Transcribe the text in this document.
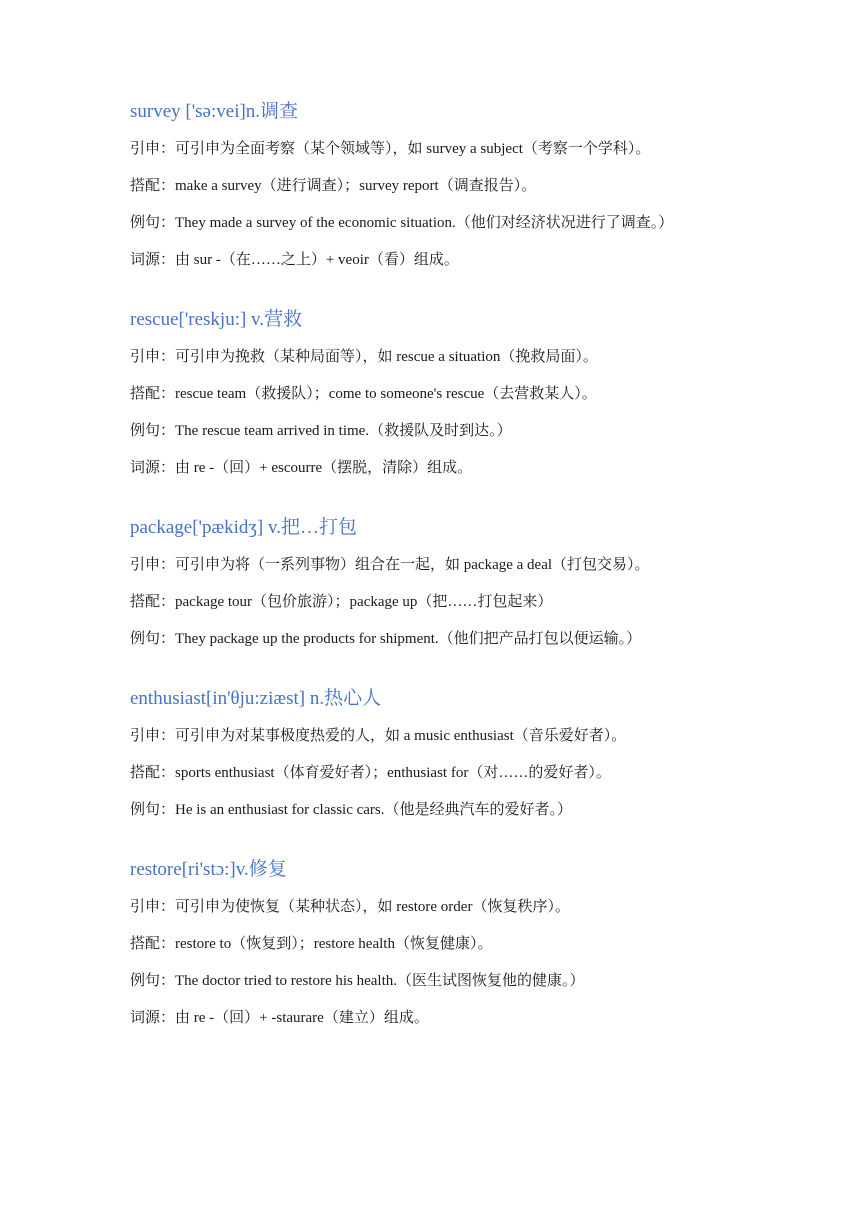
survey ['sə:vei]n.调查

引申：可引申为全面考察（某个领域等），如 survey a subject（考察一个学科）。

搭配：make a survey（进行调查）；survey report（调查报告）。

例句：They made a survey of the economic situation.（他们对经济状况进行了调查。）

词源：由 sur -（在……之上）+ veoir（看）组成。

rescue['reskju:] v.营救

引申：可引申为挽救（某种局面等），如 rescue a situation（挽救局面）。

搭配：rescue team（救援队）；come to someone's rescue（去营救某人）。

例句：The rescue team arrived in time.（救援队及时到达。）

词源：由 re -（回）+ escourre（摆脱，清除）组成。

package['pækidʒ] v.把…打包

引申：可引申为将（一系列事物）组合在一起，如 package a deal（打包交易）。

搭配：package tour（包价旅游）；package up（把……打包起来）

例句：They package up the products for shipment.（他们把产品打包以便运输。）

enthusiast[in'θju:ziæst] n.热心人

引申：可引申为对某事极度热爱的人，如 a music enthusiast（音乐爱好者）。

搭配：sports enthusiast（体育爱好者）；enthusiast for（对……的爱好者）。

例句：He is an enthusiast for classic cars.（他是经典汽车的爱好者。）

restore[ri'stɔ:]v.修复

引申：可引申为使恢复（某种状态），如 restore order（恢复秩序）。

搭配：restore to（恢复到）；restore health（恢复健康）。

例句：The doctor tried to restore his health.（医生试图恢复他的健康。）

词源：由 re -（回）+ -staurare（建立）组成。
